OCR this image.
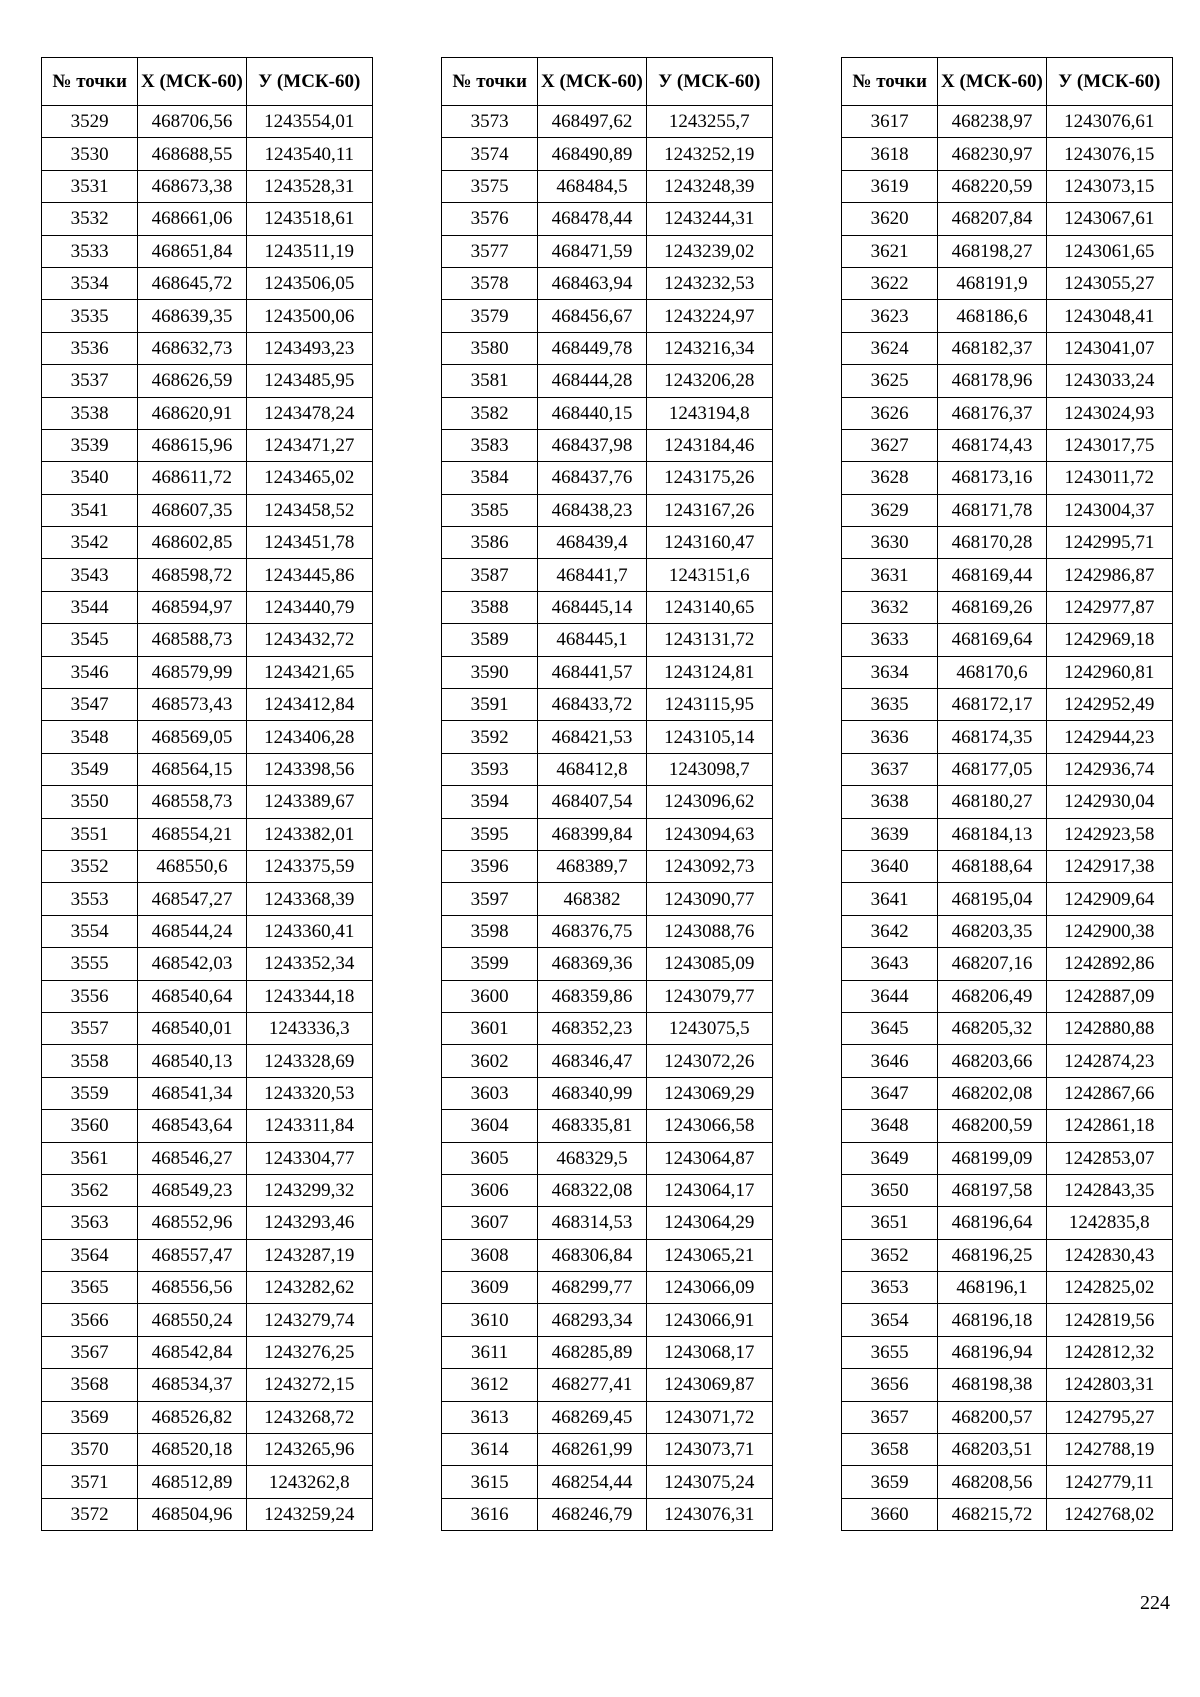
№ точки	Х (МСК-60)	У (МСК-60)
3529	468706,56	1243554,01
3530	468688,55	1243540,11
3531	468673,38	1243528,31
3532	468661,06	1243518,61
3533	468651,84	1243511,19
3534	468645,72	1243506,05
3535	468639,35	1243500,06
3536	468632,73	1243493,23
3537	468626,59	1243485,95
3538	468620,91	1243478,24
3539	468615,96	1243471,27
3540	468611,72	1243465,02
3541	468607,35	1243458,52
3542	468602,85	1243451,78
3543	468598,72	1243445,86
3544	468594,97	1243440,79
3545	468588,73	1243432,72
3546	468579,99	1243421,65
3547	468573,43	1243412,84
3548	468569,05	1243406,28
3549	468564,15	1243398,56
3550	468558,73	1243389,67
3551	468554,21	1243382,01
3552	468550,6	1243375,59
3553	468547,27	1243368,39
3554	468544,24	1243360,41
3555	468542,03	1243352,34
3556	468540,64	1243344,18
3557	468540,01	1243336,3
3558	468540,13	1243328,69
3559	468541,34	1243320,53
3560	468543,64	1243311,84
3561	468546,27	1243304,77
3562	468549,23	1243299,32
3563	468552,96	1243293,46
3564	468557,47	1243287,19
3565	468556,56	1243282,62
3566	468550,24	1243279,74
3567	468542,84	1243276,25
3568	468534,37	1243272,15
3569	468526,82	1243268,72
3570	468520,18	1243265,96
3571	468512,89	1243262,8
3572	468504,96	1243259,24
№ точки	Х (МСК-60)	У (МСК-60)
3573	468497,62	1243255,7
3574	468490,89	1243252,19
3575	468484,5	1243248,39
3576	468478,44	1243244,31
3577	468471,59	1243239,02
3578	468463,94	1243232,53
3579	468456,67	1243224,97
3580	468449,78	1243216,34
3581	468444,28	1243206,28
3582	468440,15	1243194,8
3583	468437,98	1243184,46
3584	468437,76	1243175,26
3585	468438,23	1243167,26
3586	468439,4	1243160,47
3587	468441,7	1243151,6
3588	468445,14	1243140,65
3589	468445,1	1243131,72
3590	468441,57	1243124,81
3591	468433,72	1243115,95
3592	468421,53	1243105,14
3593	468412,8	1243098,7
3594	468407,54	1243096,62
3595	468399,84	1243094,63
3596	468389,7	1243092,73
3597	468382	1243090,77
3598	468376,75	1243088,76
3599	468369,36	1243085,09
3600	468359,86	1243079,77
3601	468352,23	1243075,5
3602	468346,47	1243072,26
3603	468340,99	1243069,29
3604	468335,81	1243066,58
3605	468329,5	1243064,87
3606	468322,08	1243064,17
3607	468314,53	1243064,29
3608	468306,84	1243065,21
3609	468299,77	1243066,09
3610	468293,34	1243066,91
3611	468285,89	1243068,17
3612	468277,41	1243069,87
3613	468269,45	1243071,72
3614	468261,99	1243073,71
3615	468254,44	1243075,24
3616	468246,79	1243076,31
№ точки	Х (МСК-60)	У (МСК-60)
3617	468238,97	1243076,61
3618	468230,97	1243076,15
3619	468220,59	1243073,15
3620	468207,84	1243067,61
3621	468198,27	1243061,65
3622	468191,9	1243055,27
3623	468186,6	1243048,41
3624	468182,37	1243041,07
3625	468178,96	1243033,24
3626	468176,37	1243024,93
3627	468174,43	1243017,75
3628	468173,16	1243011,72
3629	468171,78	1243004,37
3630	468170,28	1242995,71
3631	468169,44	1242986,87
3632	468169,26	1242977,87
3633	468169,64	1242969,18
3634	468170,6	1242960,81
3635	468172,17	1242952,49
3636	468174,35	1242944,23
3637	468177,05	1242936,74
3638	468180,27	1242930,04
3639	468184,13	1242923,58
3640	468188,64	1242917,38
3641	468195,04	1242909,64
3642	468203,35	1242900,38
3643	468207,16	1242892,86
3644	468206,49	1242887,09
3645	468205,32	1242880,88
3646	468203,66	1242874,23
3647	468202,08	1242867,66
3648	468200,59	1242861,18
3649	468199,09	1242853,07
3650	468197,58	1242843,35
3651	468196,64	1242835,8
3652	468196,25	1242830,43
3653	468196,1	1242825,02
3654	468196,18	1242819,56
3655	468196,94	1242812,32
3656	468198,38	1242803,31
3657	468200,57	1242795,27
3658	468203,51	1242788,19
3659	468208,56	1242779,11
3660	468215,72	1242768,02
224
